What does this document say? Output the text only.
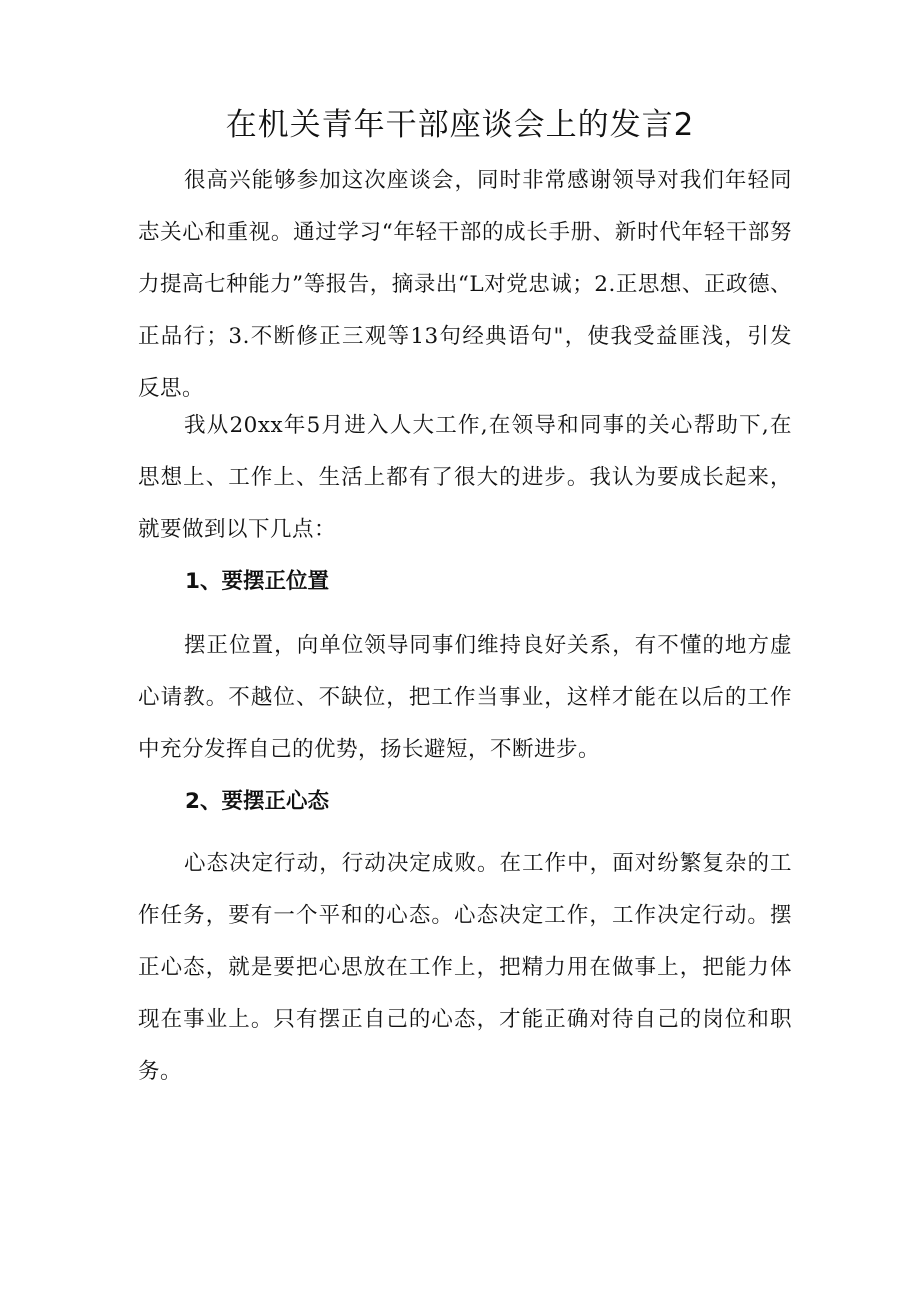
在机关青年干部座谈会上的发言2

很高兴能够参加这次座谈会，同时非常感谢领导对我们年轻同志关心和重视。通过学习“年轻干部的成长手册、新时代年轻干部努力提高七种能力”等报告，摘录出“L对党忠诚；2.正思想、正政德、正品行；3.不断修正三观等13句经典语句"，使我受益匪浅，引发反思。

我从20xx年5月进入人大工作,在领导和同事的关心帮助下,在思想上、工作上、生活上都有了很大的进步。我认为要成长起来，就要做到以下几点：

1、要摆正位置

摆正位置，向单位领导同事们维持良好关系，有不懂的地方虚心请教。不越位、不缺位，把工作当事业，这样才能在以后的工作中充分发挥自己的优势，扬长避短，不断进步。

2、要摆正心态

心态决定行动，行动决定成败。在工作中，面对纷繁复杂的工作任务，要有一个平和的心态。心态决定工作，工作决定行动。摆正心态，就是要把心思放在工作上，把精力用在做事上，把能力体现在事业上。只有摆正自己的心态，才能正确对待自己的岗位和职务。
